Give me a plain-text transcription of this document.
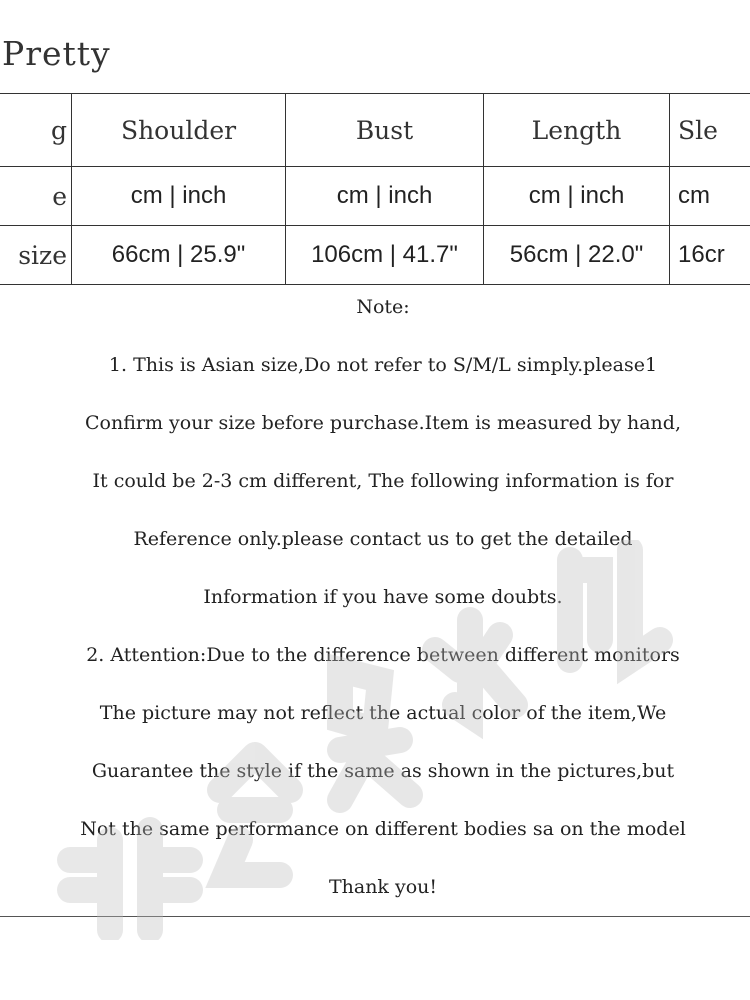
Pretty
g	Shoulder	Bust	Length	Sle
e	cm | inch	cm | inch	cm | inch	cm
size	66cm | 25.9"	106cm | 41.7"	56cm | 22.0"	16cr
Note:
1. This is Asian size,Do not refer to S/M/L simply.please1
Confirm your size before purchase.Item is measured by hand,
It could be 2-3 cm different, The following information is for
Reference only.please contact us to get the detailed
Information if you have some doubts.
2. Attention:Due to the difference between different monitors
The picture may not reflect the actual color of the item,We
Guarantee the style if the same as shown in the pictures,but
Not the same performance on different bodies sa on the model
Thank you!
